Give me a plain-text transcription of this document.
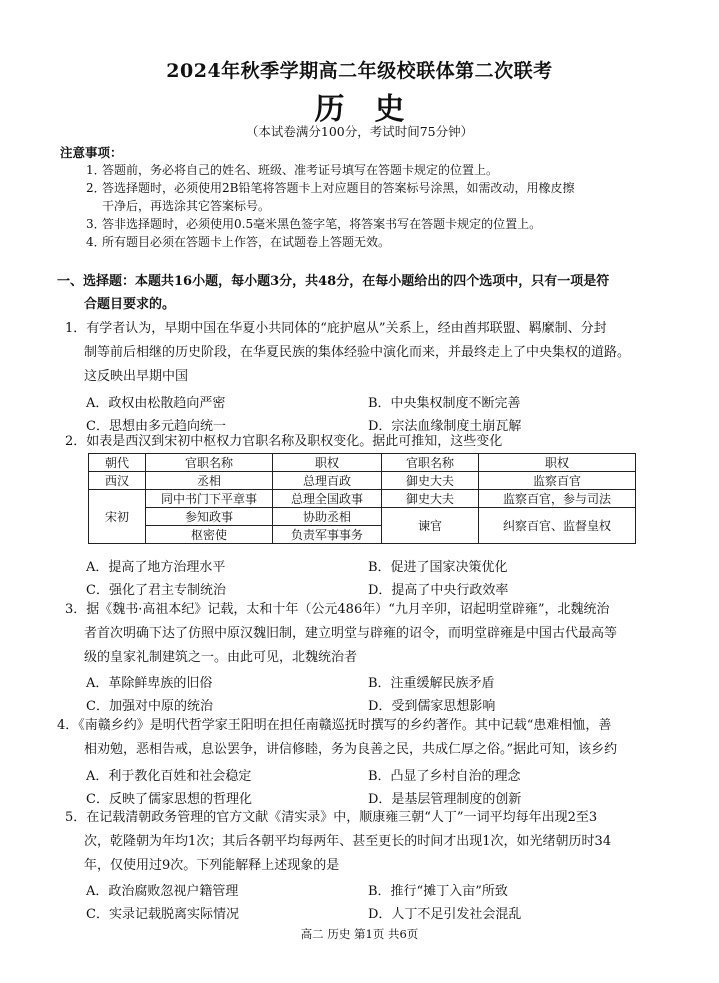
2024年秋季学期高二年级校联体第二次联考
历史
（本试卷满分100分，考试时间75分钟）
注意事项：
1．
答题前，务必将自己的姓名、班级、准考证号填写在答题卡规定的位置上。
2．
答选择题时，必须使用2B铅笔将答题卡上对应题目的答案标号涂黑，如需改动，用橡皮擦
干净后，再选涂其它答案标号。
3．
答非选择题时，必须使用0.5毫米黑色签字笔，将答案书写在答题卡规定的位置上。
4．
所有题目必须在答题卡上作答，在试题卷上答题无效。
一、选择题：本题共16小题，每小题3分，共48分，在每小题给出的四个选项中，只有一项是符
合题目要求的。
1．有学者认为，早期中国在华夏小共同体的“庇护扈从”关系上，经由酋邦联盟、羁縻制、分封
制等前后相继的历史阶段，在华夏民族的集体经验中演化而来，并最终走上了中央集权的道路。
这反映出早期中国
A．政权由松散趋向严密	B．中央集权制度不断完善
C．思想由多元趋向统一	D．宗法血缘制度土崩瓦解
2．如表是西汉到宋初中枢权力官职名称及职权变化。据此可推知，这些变化
朝代	官职名称	职权	官职名称	职权
西汉	丞相	总理百政	御史大夫	监察百官
宋初	同中书门下平章事	总理全国政事	御史大夫	监察百官，参与司法
	参知政事	协助丞相	谏官	纠察百官、监督皇权
	枢密使	负责军事事务		
A．提高了地方治理水平	B．促进了国家决策优化
C．强化了君主专制统治	D．提高了中央行政效率
3．据《魏书·高祖本纪》记载，太和十年（公元486年）“九月辛卯，诏起明堂辟雍”，北魏统治
者首次明确下达了仿照中原汉魏旧制，建立明堂与辟雍的诏令，而明堂辟雍是中国古代最高等
级的皇家礼制建筑之一。由此可见，北魏统治者
A．革除鲜卑族的旧俗	B．注重缓解民族矛盾
C．加强对中原的统治	D．受到儒家思想影响
4．《南赣乡约》是明代哲学家王阳明在担任南赣巡抚时撰写的乡约著作。其中记载“患难相恤，善
相劝勉，恶相告戒，息讼罢争，讲信修睦，务为良善之民，共成仁厚之俗。”据此可知，该乡约
A．利于教化百姓和社会稳定	B．凸显了乡村自治的理念
C．反映了儒家思想的哲理化	D．是基层管理制度的创新
5．在记载清朝政务管理的官方文献《清实录》中，顺康雍三朝“人丁”一词平均每年出现2至3
次，乾隆朝为年均1次；其后各朝平均每两年、甚至更长的时间才出现1次，如光绪朝历时34
年，仅使用过9次。下列能解释上述现象的是
A．政治腐败忽视户籍管理	B．推行“摊丁入亩”所致
C．实录记载脱离实际情况	D．人丁不足引发社会混乱
高二 历史 第1页 共6页
